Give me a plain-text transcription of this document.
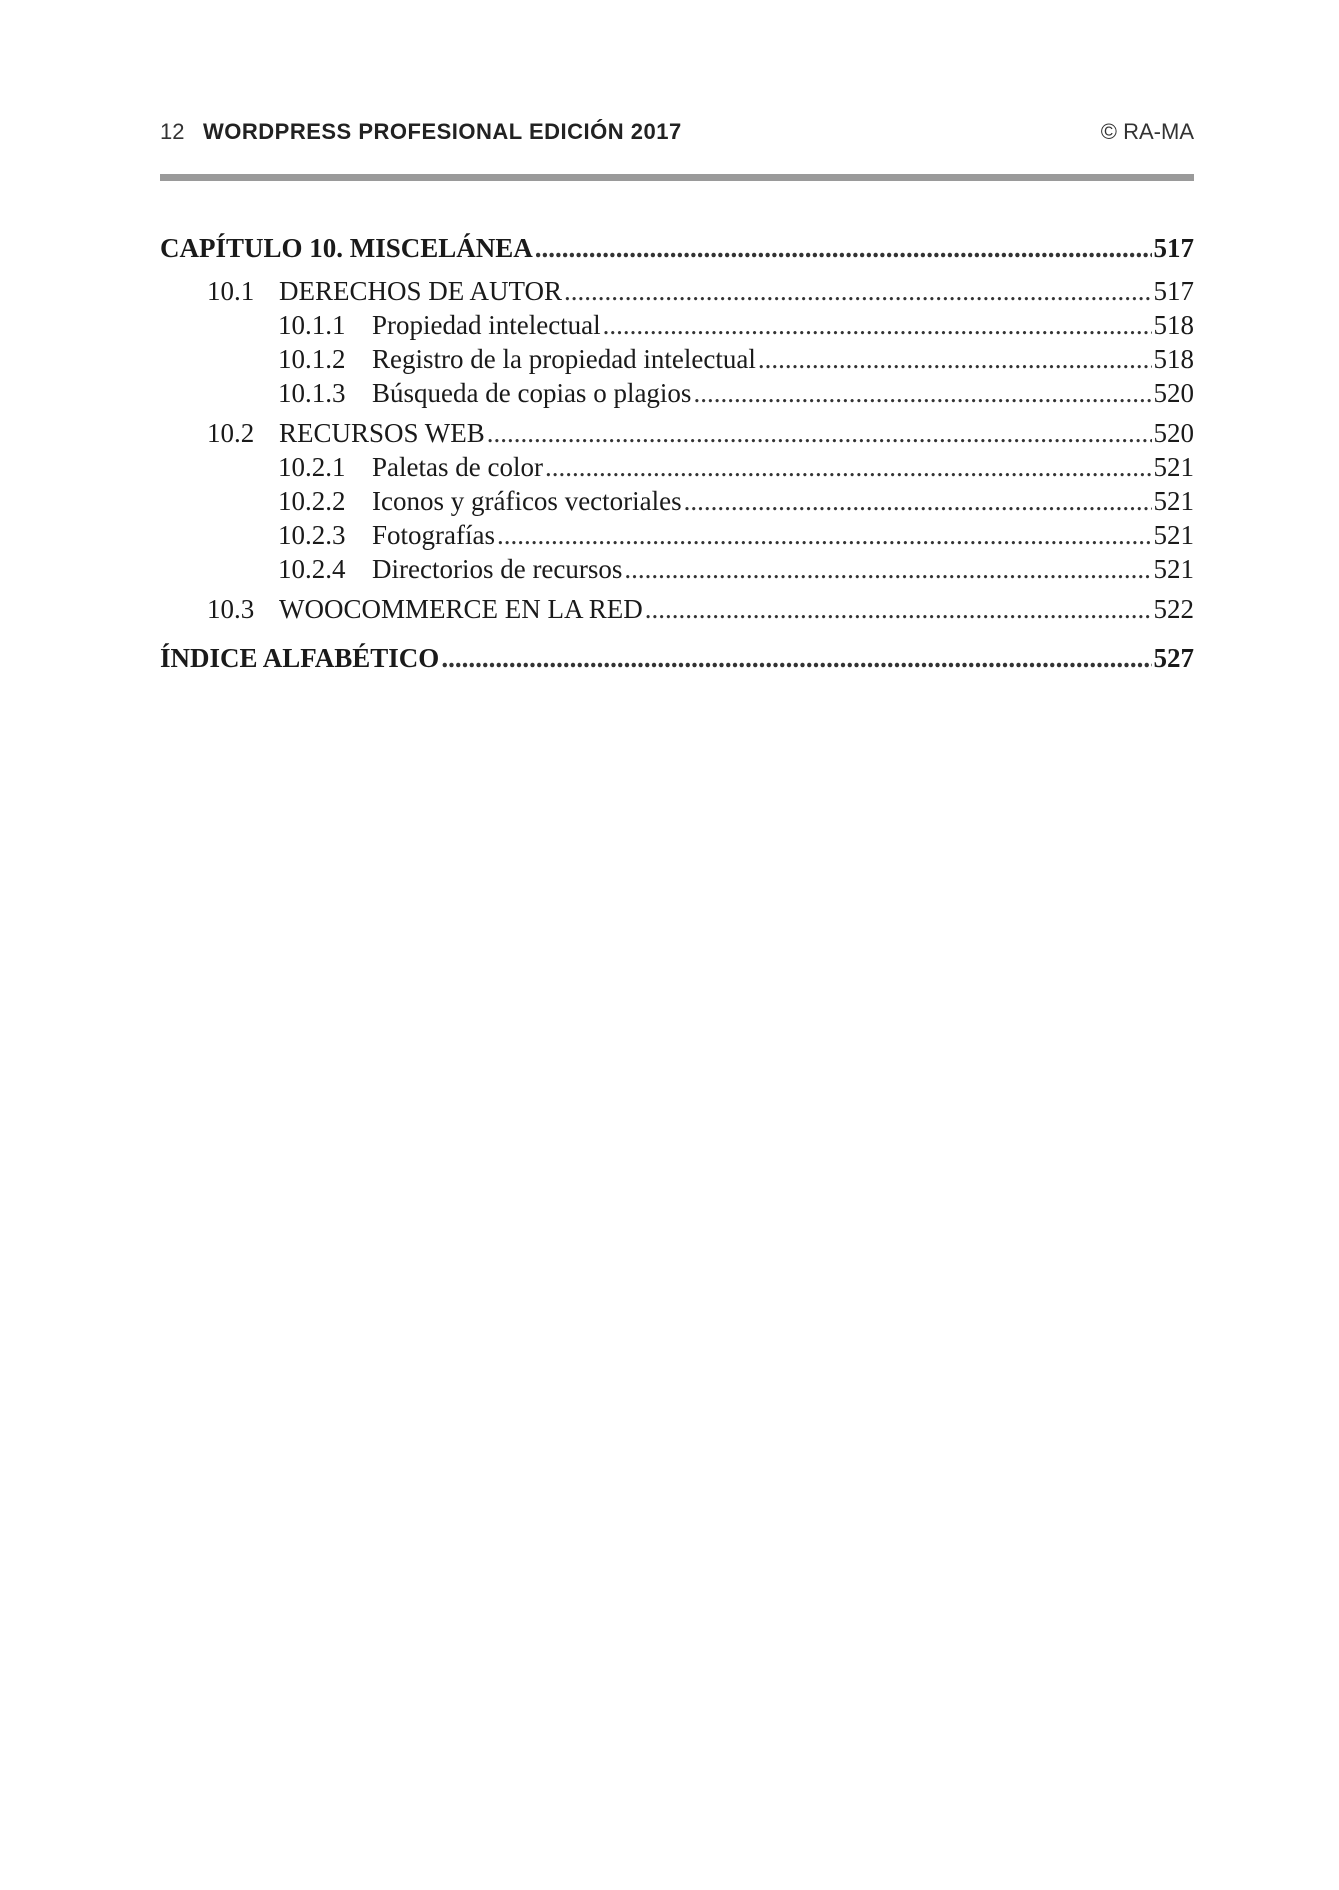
12 WORDPRESS PROFESIONAL EDICIÓN 2017	© RA-MA
CAPÍTULO 10. MISCELÁNEA .....	517
10.1 DERECHOS DE AUTOR .....	517
10.1.1 Propiedad intelectual .....	518
10.1.2 Registro de la propiedad intelectual .....	518
10.1.3 Búsqueda de copias o plagios .....	520
10.2 RECURSOS WEB .....	520
10.2.1 Paletas de color .....	521
10.2.2 Iconos y gráficos vectoriales .....	521
10.2.3 Fotografías .....	521
10.2.4 Directorios de recursos .....	521
10.3 WOOCOMMERCE EN LA RED .....	522
ÍNDICE ALFABÉTICO .....	527
